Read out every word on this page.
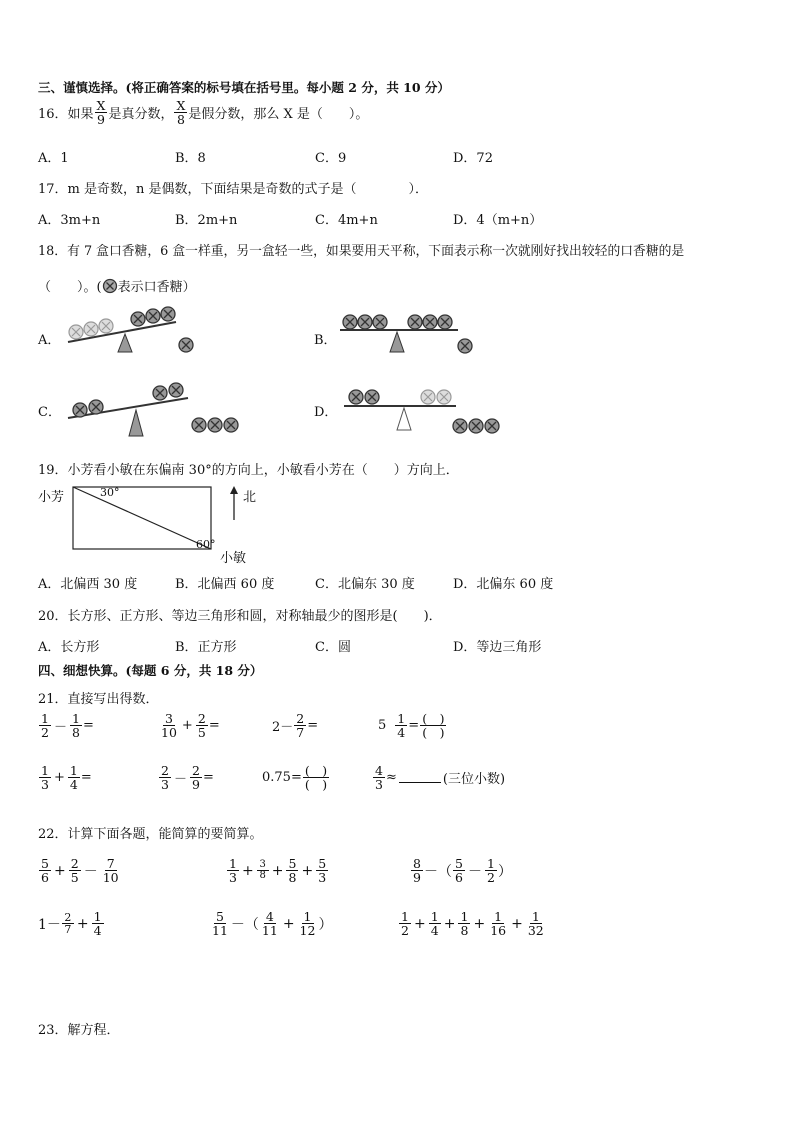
三、谨慎选择。(将正确答案的标号填在括号里。每小题 2 分，共 10 分）
16．如果 $\frac{X}{9}$ 是真分数， $\frac{X}{8}$ 是假分数，那么 X 是（　　）。
A．1	B．8	C．9	D．72
17．m 是奇数，n 是偶数，下面结果是奇数的式子是（　　　　）．
A．3m+n	B．2m+n	C．4m+n	D．4（m+n）
18．有 7 盒口香糖，6 盒一样重，另一盒轻一些，如果要用天平称，下面表示称一次就刚好找出较轻的口香糖的是
（　　）。( 表示口香糖）
A．	B．
C．	D．
19．小芳看小敏在东偏南 30°的方向上，小敏看小芳在（　　）方向上．
小芳	30°
60°
北
小敏
A．北偏西 30 度	B．北偏西 60 度	C．北偏东 30 度	D．北偏东 60 度
20．长方形、正方形、等边三角形和圆，对称轴最少的图形是(　　)．
A．长方形	B．正方形	C．圆	D．等边三角形
四、细想快算。(每题 6 分，共 18 分）
21．直接写出得数．
$\frac{1}{2} - \frac{1}{8}$ =	$\frac{3}{10} + \frac{2}{5}$ =	$2- \frac{2}{7}$ =	$5 \frac{1}{4} = \frac{( )}{( )}$
$\frac{1}{3} + \frac{1}{4}$ =	$\frac{2}{3} - \frac{2}{9}$ =	$0.75= \frac{( )}{( )}$	$\frac{4}{3}$ ≈	(三位小数)
22．计算下面各题，能简算的要简算。
$\frac{5}{6} + \frac{2}{5} - \frac{7}{10}$	$\frac{1}{3} + \frac{3}{8} + \frac{5}{8} + \frac{5}{3}$	$\frac{8}{9}$ －（ $\frac{5}{6} - \frac{1}{2}$ ）
$1- \frac{2}{7} + \frac{1}{4}$	$\frac{5}{11}$ －（ $\frac{4}{11} + \frac{1}{12}$ ）	$\frac{1}{2} + \frac{1}{4} + \frac{1}{8} + \frac{1}{16} + \frac{1}{32}$
23．解方程．
